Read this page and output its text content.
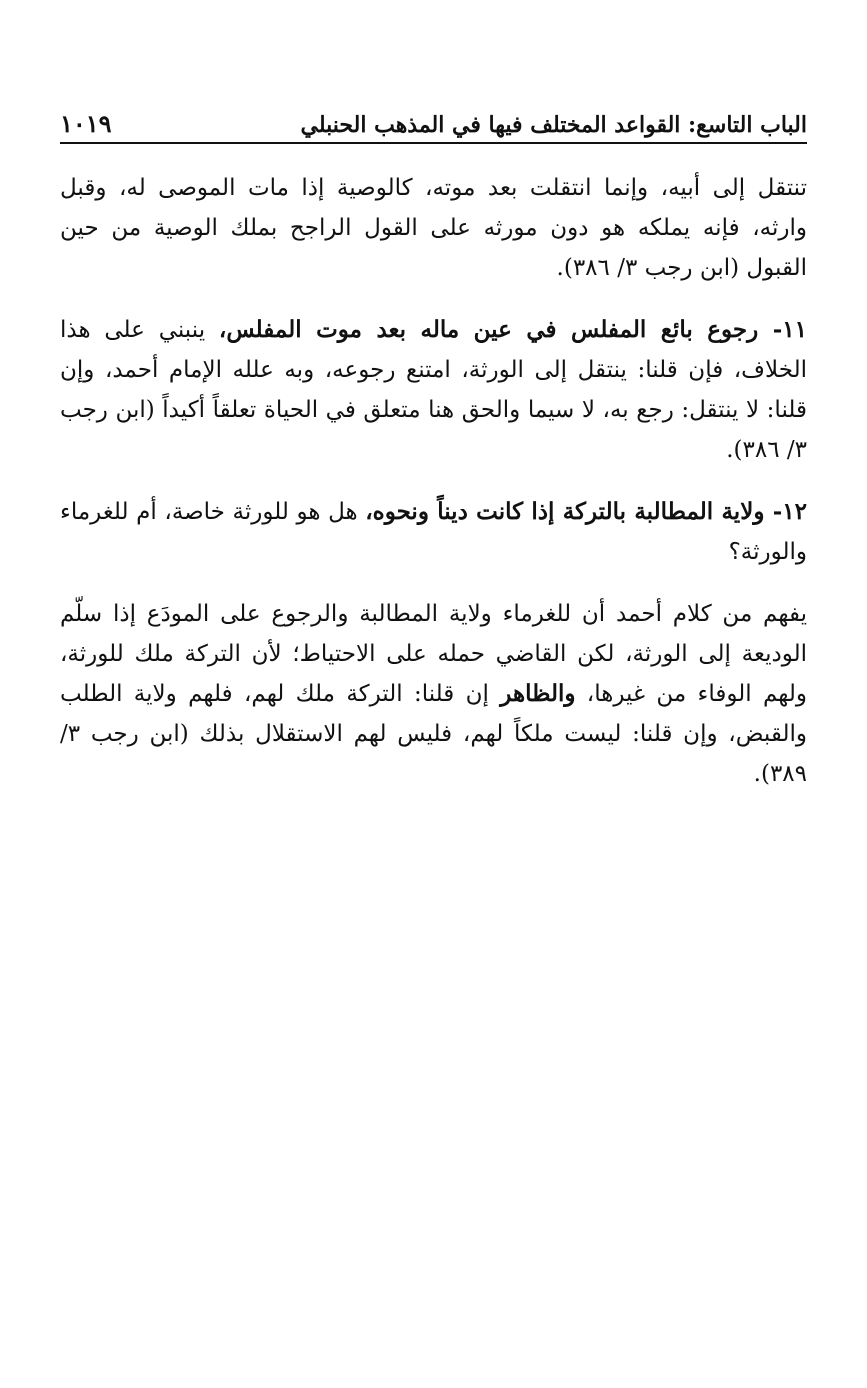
الباب التاسع: القواعد المختلف فيها في المذهب الحنبلي
١٠١٩

تنتقل إلى أبيه، وإنما انتقلت بعد موته، كالوصية إذا مات الموصى له، وقبل وارثه، فإنه يملكه هو دون مورثه على القول الراجح بملك الوصية من حين القبول (ابن رجب ٣/ ٣٨٦).

١١- رجوع بائع المفلس في عين ماله بعد موت المفلس، ينبني على هذا الخلاف، فإن قلنا: ينتقل إلى الورثة، امتنع رجوعه، وبه علله الإمام أحمد، وإن قلنا: لا ينتقل: رجع به، لا سيما والحق هنا متعلق في الحياة تعلقاً أكيداً (ابن رجب ٣/ ٣٨٦).

١٢- ولاية المطالبة بالتركة إذا كانت ديناً ونحوه، هل هو للورثة خاصة، أم للغرماء والورثة؟

يفهم من كلام أحمد أن للغرماء ولاية المطالبة والرجوع على المودَع إذا سلّم الوديعة إلى الورثة، لكن القاضي حمله على الاحتياط؛ لأن التركة ملك للورثة، ولهم الوفاء من غيرها، والظاهر إن قلنا: التركة ملك لهم، فلهم ولاية الطلب والقبض، وإن قلنا: ليست ملكاً لهم، فليس لهم الاستقلال بذلك (ابن رجب ٣/ ٣٨٩).
